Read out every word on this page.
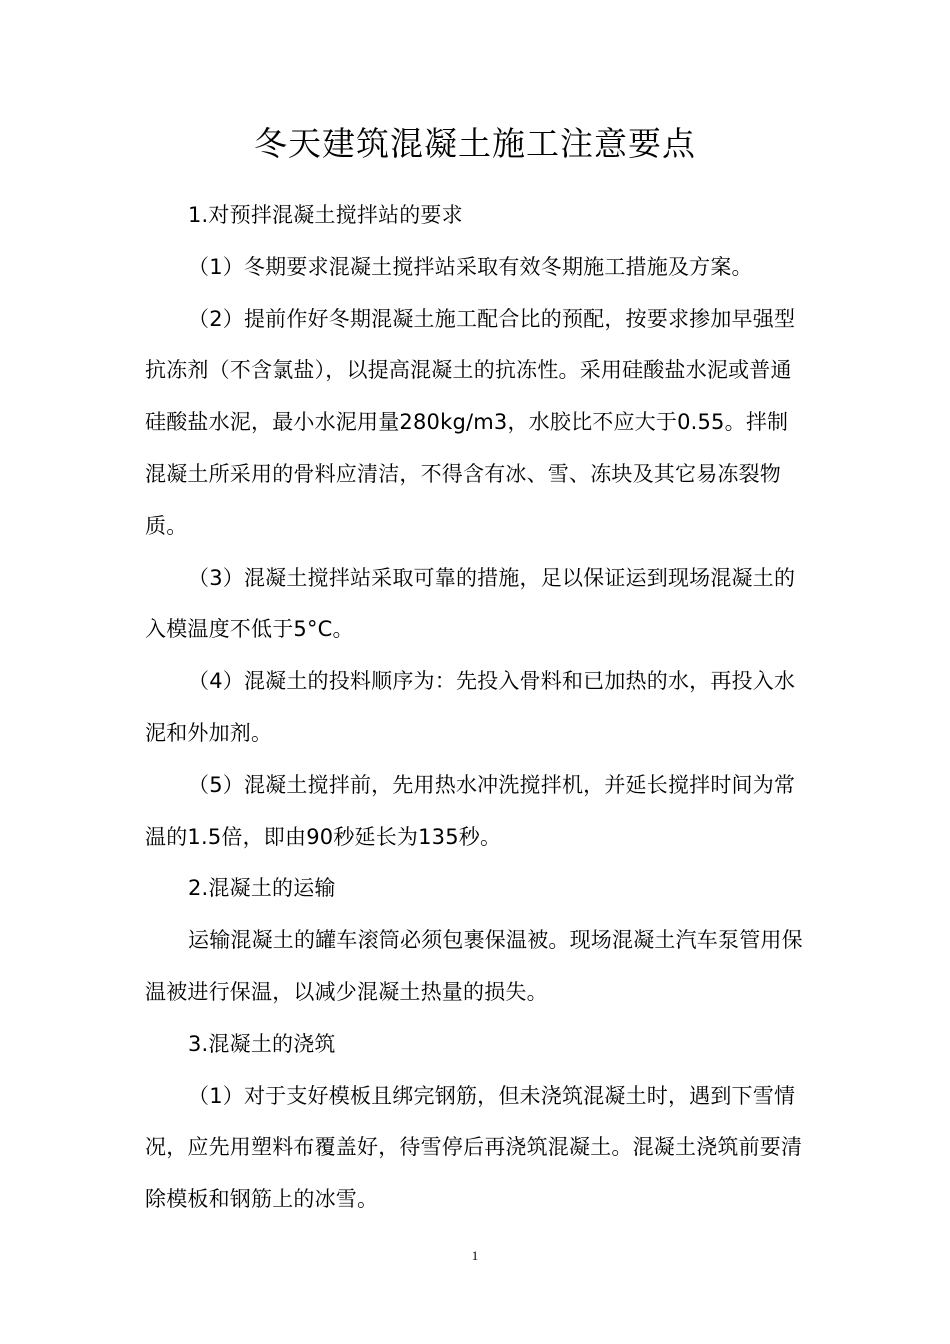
冬天建筑混凝土施工注意要点

1.对预拌混凝土搅拌站的要求

（1）冬期要求混凝土搅拌站采取有效冬期施工措施及方案。

（2）提前作好冬期混凝土施工配合比的预配，按要求掺加早强型抗冻剂（不含氯盐），以提高混凝土的抗冻性。采用硅酸盐水泥或普通硅酸盐水泥，最小水泥用量280kg/m3，水胶比不应大于0.55。拌制混凝土所采用的骨料应清洁，不得含有冰、雪、冻块及其它易冻裂物质。

（3）混凝土搅拌站采取可靠的措施，足以保证运到现场混凝土的入模温度不低于5°C。

（4）混凝土的投料顺序为：先投入骨料和已加热的水，再投入水泥和外加剂。

（5）混凝土搅拌前，先用热水冲洗搅拌机，并延长搅拌时间为常温的1.5倍，即由90秒延长为135秒。

2.混凝土的运输

运输混凝土的罐车滚筒必须包裹保温被。现场混凝土汽车泵管用保温被进行保温，以减少混凝土热量的损失。

3.混凝土的浇筑

（1）对于支好模板且绑完钢筋，但未浇筑混凝土时，遇到下雪情况，应先用塑料布覆盖好，待雪停后再浇筑混凝土。混凝土浇筑前要清除模板和钢筋上的冰雪。

1
